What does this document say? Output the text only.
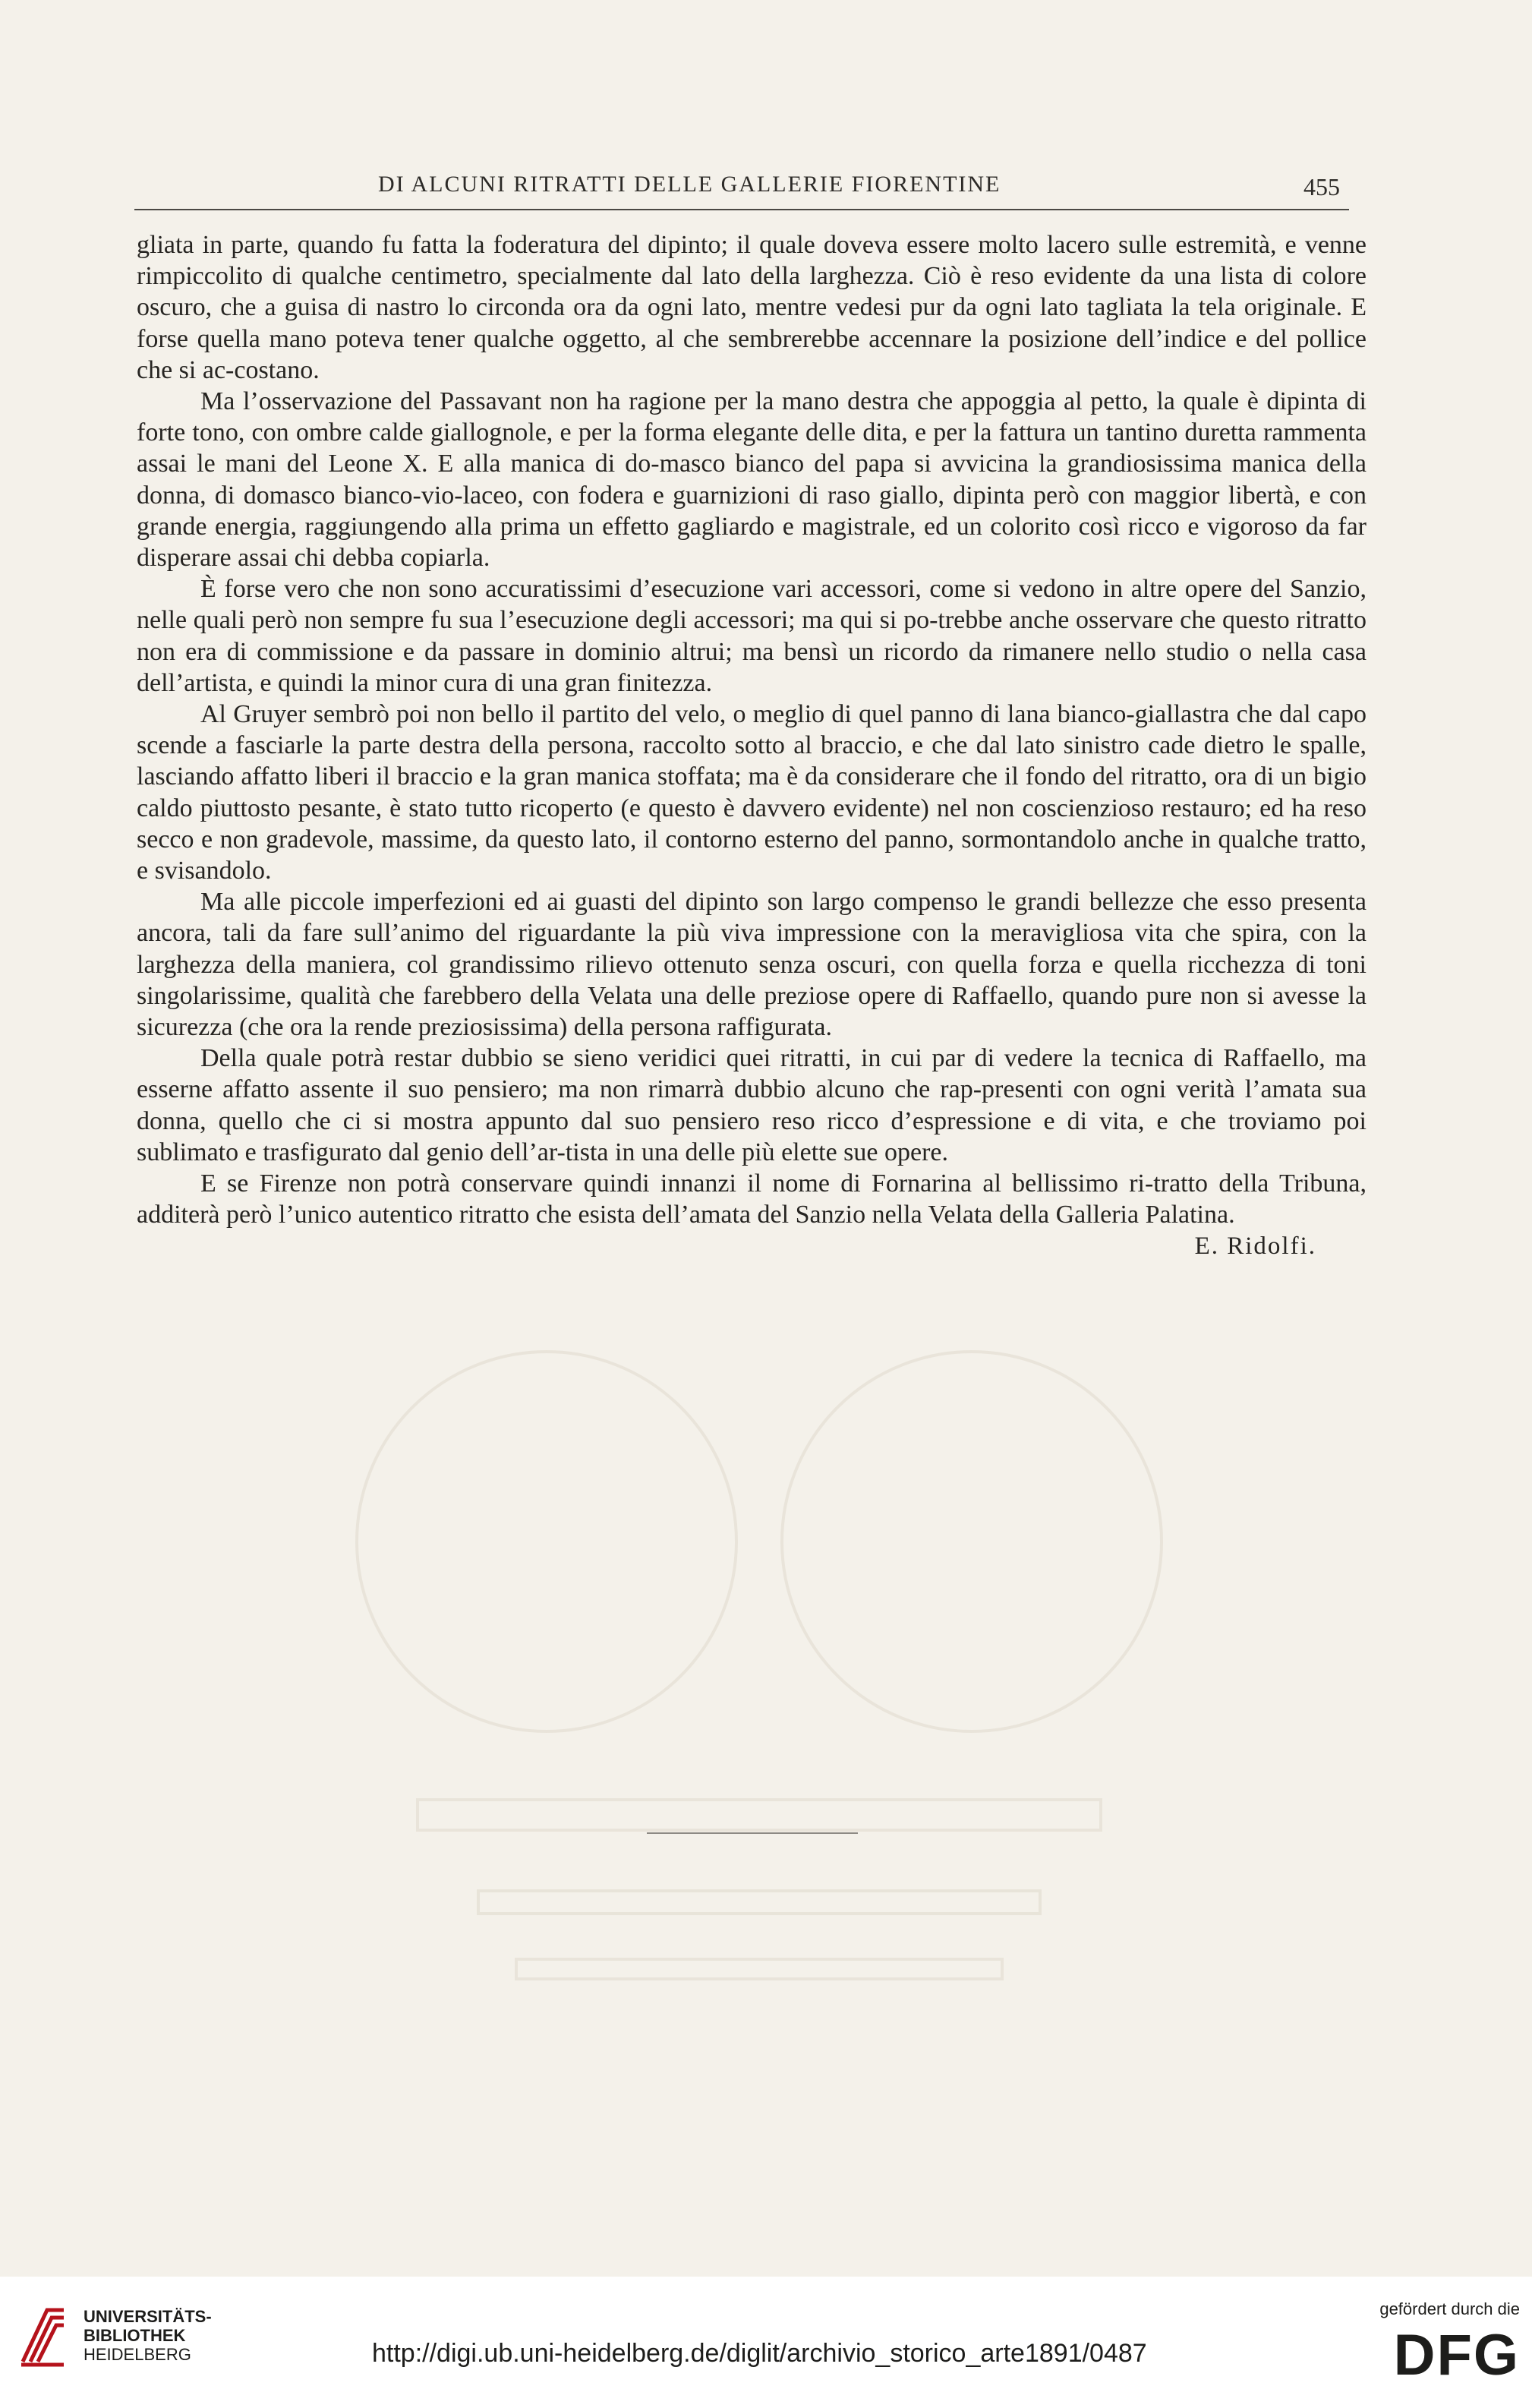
DI ALCUNI RITRATTI DELLE GALLERIE FIORENTINE	455

gliata in parte, quando fu fatta la foderatura del dipinto; il quale doveva essere molto lacero sulle estremità, e venne rimpiccolito di qualche centimetro, specialmente dal lato della larghezza. Ciò è reso evidente da una lista di colore oscuro, che a guisa di nastro lo circonda ora da ogni lato, mentre vedesi pur da ogni lato tagliata la tela originale. E forse quella mano poteva tener qualche oggetto, al che sembrerebbe accennare la posizione dell’indice e del pollice che si ac-costano.

Ma l’osservazione del Passavant non ha ragione per la mano destra che appoggia al petto, la quale è dipinta di forte tono, con ombre calde giallognole, e per la forma elegante delle dita, e per la fattura un tantino duretta rammenta assai le mani del Leone X. E alla manica di do-masco bianco del papa si avvicina la grandiosissima manica della donna, di domasco bianco-vio-laceo, con fodera e guarnizioni di raso giallo, dipinta però con maggior libertà, e con grande energia, raggiungendo alla prima un effetto gagliardo e magistrale, ed un colorito così ricco e vigoroso da far disperare assai chi debba copiarla.

È forse vero che non sono accuratissimi d’esecuzione vari accessori, come si vedono in altre opere del Sanzio, nelle quali però non sempre fu sua l’esecuzione degli accessori; ma qui si po-trebbe anche osservare che questo ritratto non era di commissione e da passare in dominio altrui; ma bensì un ricordo da rimanere nello studio o nella casa dell’artista, e quindi la minor cura di una gran finitezza.

Al Gruyer sembrò poi non bello il partito del velo, o meglio di quel panno di lana bianco-giallastra che dal capo scende a fasciarle la parte destra della persona, raccolto sotto al braccio, e che dal lato sinistro cade dietro le spalle, lasciando affatto liberi il braccio e la gran manica stoffata; ma è da considerare che il fondo del ritratto, ora di un bigio caldo piuttosto pesante, è stato tutto ricoperto (e questo è davvero evidente) nel non coscienzioso restauro; ed ha reso secco e non gradevole, massime, da questo lato, il contorno esterno del panno, sormontandolo anche in qualche tratto, e svisandolo.

Ma alle piccole imperfezioni ed ai guasti del dipinto son largo compenso le grandi bellezze che esso presenta ancora, tali da fare sull’animo del riguardante la più viva impressione con la meravigliosa vita che spira, con la larghezza della maniera, col grandissimo rilievo ottenuto senza oscuri, con quella forza e quella ricchezza di toni singolarissime, qualità che farebbero della Velata una delle preziose opere di Raffaello, quando pure non si avesse la sicurezza (che ora la rende preziosissima) della persona raffigurata.

Della quale potrà restar dubbio se sieno veridici quei ritratti, in cui par di vedere la tecnica di Raffaello, ma esserne affatto assente il suo pensiero; ma non rimarrà dubbio alcuno che rap-presenti con ogni verità l’amata sua donna, quello che ci si mostra appunto dal suo pensiero reso ricco d’espressione e di vita, e che troviamo poi sublimato e trasfigurato dal genio dell’ar-tista in una delle più elette sue opere.

E se Firenze non potrà conservare quindi innanzi il nome di Fornarina al bellissimo ri-tratto della Tribuna, additerà però l’unico autentico ritratto che esista dell’amata del Sanzio nella Velata della Galleria Palatina.

E. Ridolfi.
UNIVERSITÄTS-
BIBLIOTHEK
HEIDELBERG	http://digi.ub.uni-heidelberg.de/diglit/archivio_storico_arte1891/0487
gefördert durch die
DFG
